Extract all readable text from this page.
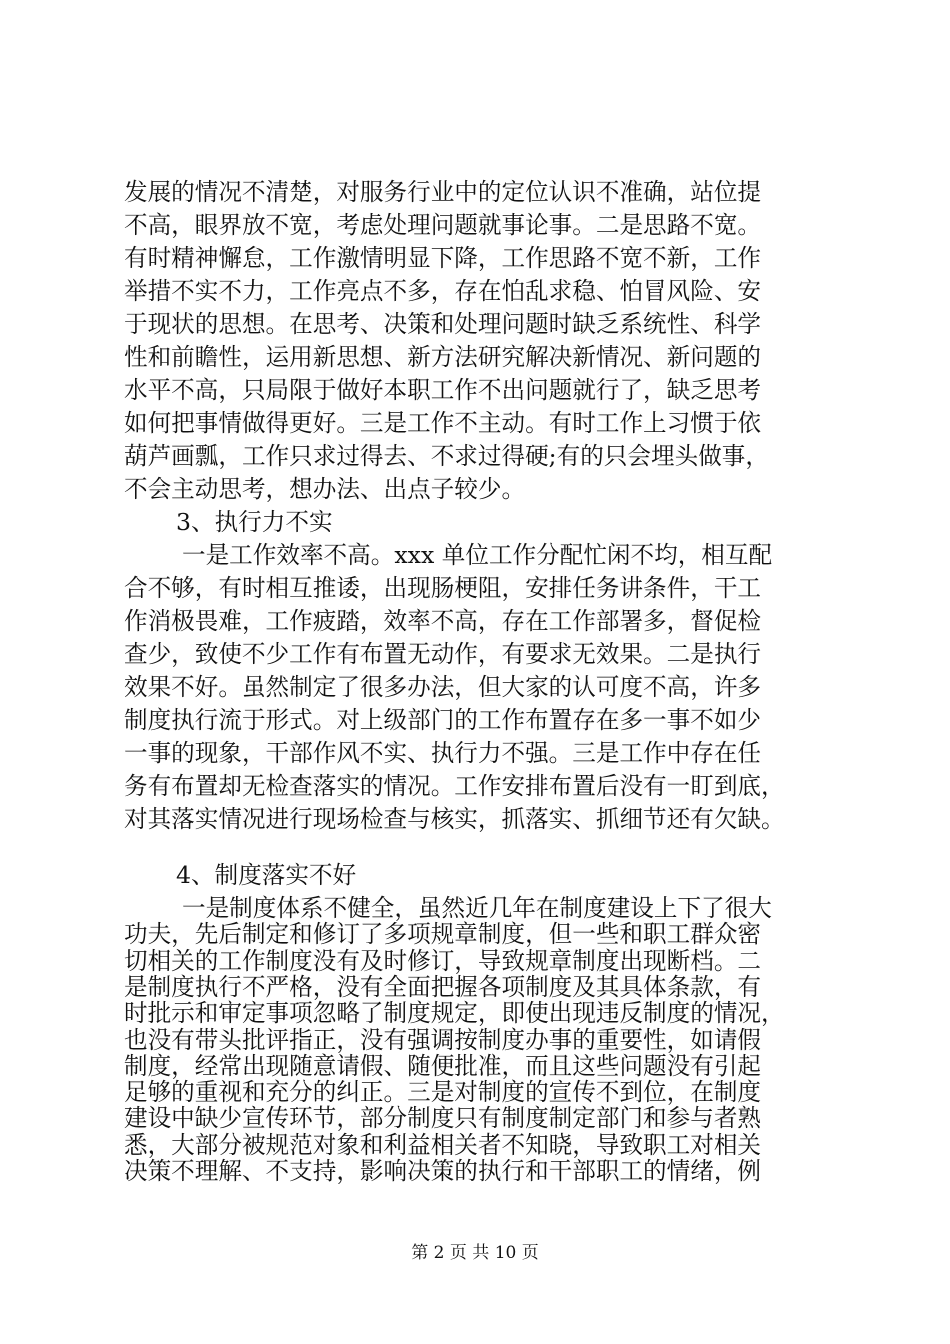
发展的情况不清楚，对服务行业中的定位认识不准确，站位提
不高，眼界放不宽，考虑处理问题就事论事。二是思路不宽。
有时精神懈怠，工作激情明显下降，工作思路不宽不新，工作
举措不实不力，工作亮点不多，存在怕乱求稳、怕冒风险、安
于现状的思想。在思考、决策和处理问题时缺乏系统性、科学
性和前瞻性，运用新思想、新方法研究解决新情况、新问题的
水平不高，只局限于做好本职工作不出问题就行了，缺乏思考
如何把事情做得更好。三是工作不主动。有时工作上习惯于依
葫芦画瓢，工作只求过得去、不求过得硬;有的只会埋头做事，
不会主动思考，想办法、出点子较少。
3、执行力不实
一是工作效率不高。xxx 单位工作分配忙闲不均，相互配
合不够，有时相互推诿，出现肠梗阻，安排任务讲条件，干工
作消极畏难，工作疲踏，效率不高，存在工作部署多，督促检
查少，致使不少工作有布置无动作，有要求无效果。二是执行
效果不好。虽然制定了很多办法，但大家的认可度不高，许多
制度执行流于形式。对上级部门的工作布置存在多一事不如少
一事的现象，干部作风不实、执行力不强。三是工作中存在任
务有布置却无检查落实的情况。工作安排布置后没有一盯到底，
对其落实情况进行现场检查与核实，抓落实、抓细节还有欠缺。
4、制度落实不好
一是制度体系不健全，虽然近几年在制度建设上下了很大
功夫，先后制定和修订了多项规章制度，但一些和职工群众密
切相关的工作制度没有及时修订，导致规章制度出现断档。二
是制度执行不严格，没有全面把握各项制度及其具体条款，有
时批示和审定事项忽略了制度规定，即使出现违反制度的情况，
也没有带头批评指正，没有强调按制度办事的重要性，如请假
制度，经常出现随意请假、随便批准，而且这些问题没有引起
足够的重视和充分的纠正。三是对制度的宣传不到位，在制度
建设中缺少宣传环节，部分制度只有制度制定部门和参与者熟
悉，大部分被规范对象和利益相关者不知晓，导致职工对相关
第 2 页 共 10 页
决策不理解、不支持，影响决策的执行和干部职工的情绪，例
